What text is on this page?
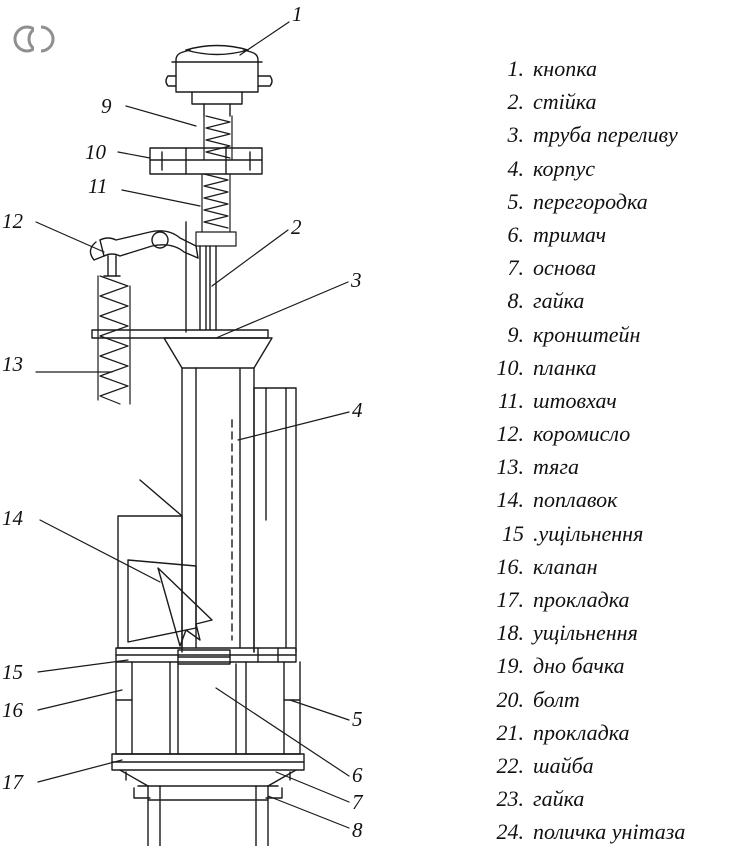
1
9
10
11
12	2
3
13
4
14
15
16	5
6
17
7
8
1. кнопка
2. стійка
3. труба переливу
4. корпус
5. перегородка
6. тримач
7. основа
8. гайка
9. кронштейн
10. планка
11. штовхач
12. коромисло
13. тяга
14. поплавок
15 .ущільнення
16. клапан
17. прокладка
18. ущільнення
19. дно бачка
20. болт
21. прокладка
22. шайба
23. гайка
24. поличка унітаза
